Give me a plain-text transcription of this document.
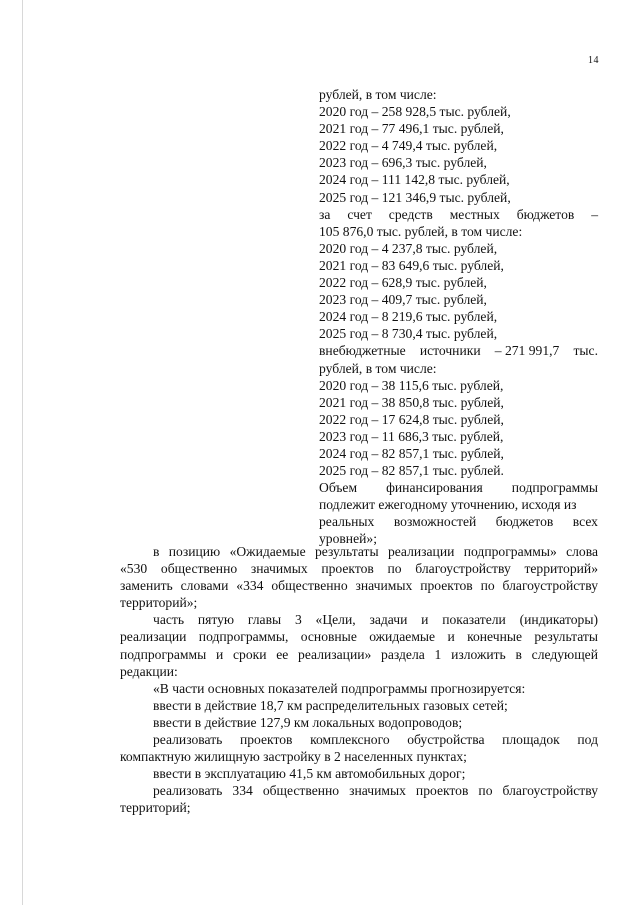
14
рублей, в том числе:
2020 год – 258 928,5 тыс. рублей,
2021 год – 77 496,1 тыс. рублей,
2022 год – 4 749,4 тыс. рублей,
2023 год – 696,3 тыс. рублей,
2024 год – 111 142,8 тыс. рублей,
2025 год – 121 346,9 тыс. рублей,
за счет средств местных бюджетов –
105 876,0 тыс. рублей, в том числе:
2020 год – 4 237,8 тыс. рублей,
2021 год – 83 649,6 тыс. рублей,
2022 год – 628,9 тыс. рублей,
2023 год – 409,7 тыс. рублей,
2024 год – 8 219,6 тыс. рублей,
2025 год – 8 730,4 тыс. рублей,
внебюджетные источники – 271 991,7 тыс.
рублей, в том числе:
2020 год – 38 115,6 тыс. рублей,
2021 год – 38 850,8 тыс. рублей,
2022 год – 17 624,8 тыс. рублей,
2023 год – 11 686,3 тыс. рублей,
2024 год – 82 857,1 тыс. рублей,
2025 год – 82 857,1 тыс. рублей.
Объем финансирования подпрограммы
подлежит ежегодному уточнению, исходя из
реальных возможностей бюджетов всех
уровней»;

в позицию «Ожидаемые результаты реализации подпрограммы» слова

«530 общественно значимых проектов по благоустройству территорий»

заменить словами «334 общественно значимых проектов по благоустройству

территорий»;

часть пятую главы 3 «Цели, задачи и показатели (индикаторы)

реализации подпрограммы, основные ожидаемые и конечные результаты

подпрограммы и сроки ее реализации» раздела 1 изложить в следующей

редакции:

«В части основных показателей подпрограммы прогнозируется:

ввести в действие 18,7 км распределительных газовых сетей;

ввести в действие 127,9 км локальных водопроводов;

реализовать проектов комплексного обустройства площадок под

компактную жилищную застройку в 2 населенных пунктах;

ввести в эксплуатацию 41,5 км автомобильных дорог;

реализовать 334 общественно значимых проектов по благоустройству

территорий;
